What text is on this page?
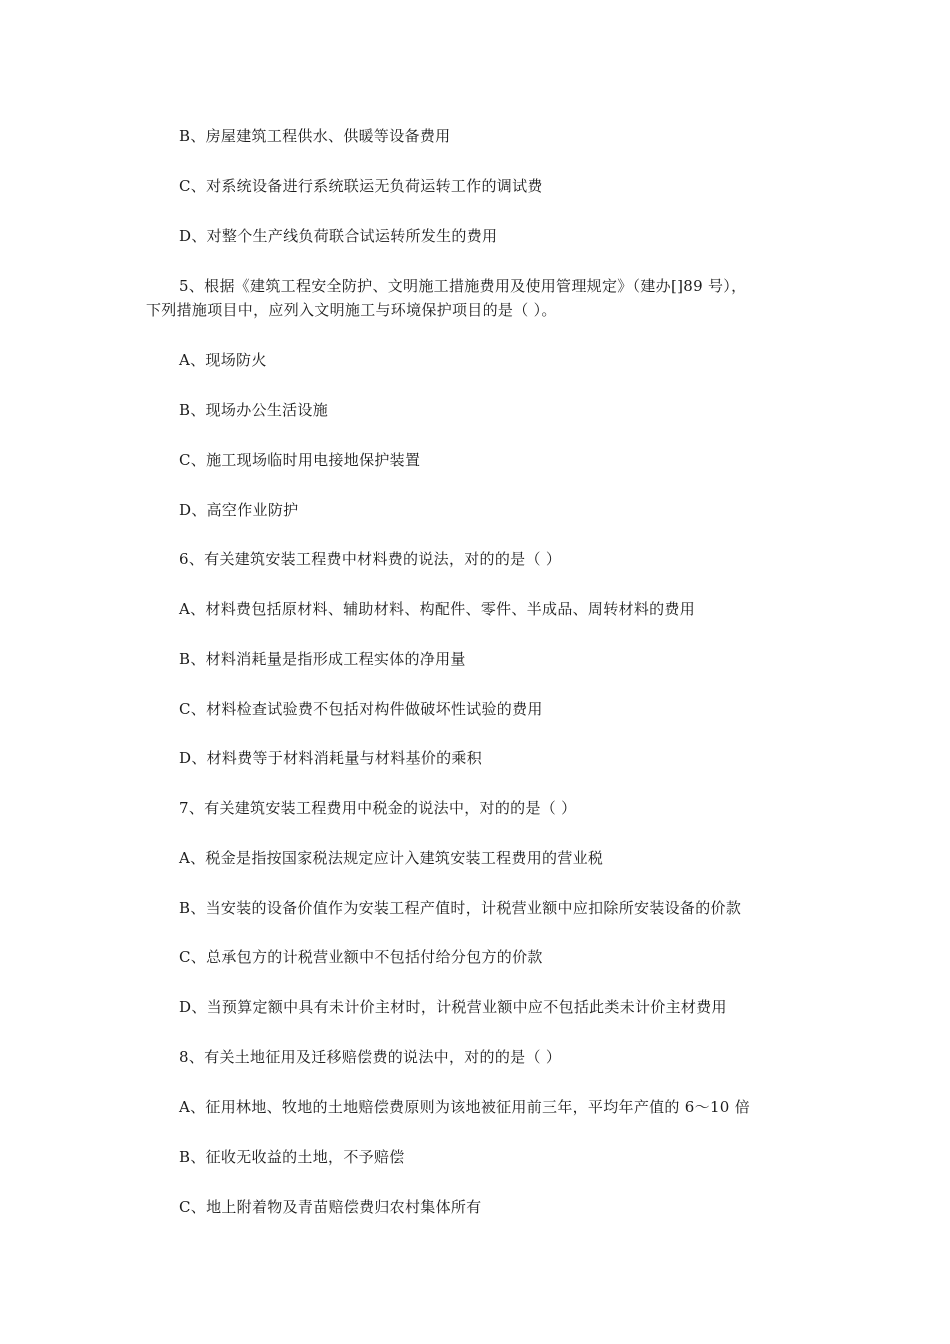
B、房屋建筑工程供水、供暖等设备费用
C、对系统设备进行系统联运无负荷运转工作的调试费
D、对整个生产线负荷联合试运转所发生的费用
5、根据《建筑工程安全防护、文明施工措施费用及使用管理规定》（建办[]89 号），
下列措施项目中，应列入文明施工与环境保护项目的是（ ）。
A、现场防火
B、现场办公生活设施
C、施工现场临时用电接地保护装置
D、高空作业防护
6、有关建筑安装工程费中材料费的说法，对的的是（ ）
A、材料费包括原材料、辅助材料、构配件、零件、半成品、周转材料的费用
B、材料消耗量是指形成工程实体的净用量
C、材料检查试验费不包括对构件做破坏性试验的费用
D、材料费等于材料消耗量与材料基价的乘积
7、有关建筑安装工程费用中税金的说法中，对的的是（ ）
A、税金是指按国家税法规定应计入建筑安装工程费用的营业税
B、当安装的设备价值作为安装工程产值时，计税营业额中应扣除所安装设备的价款
C、总承包方的计税营业额中不包括付给分包方的价款
D、当预算定额中具有未计价主材时，计税营业额中应不包括此类未计价主材费用
8、有关土地征用及迁移赔偿费的说法中，对的的是（ ）
A、征用林地、牧地的土地赔偿费原则为该地被征用前三年，平均年产值的 6～10 倍
B、征收无收益的土地，不予赔偿
C、地上附着物及青苗赔偿费归农村集体所有
